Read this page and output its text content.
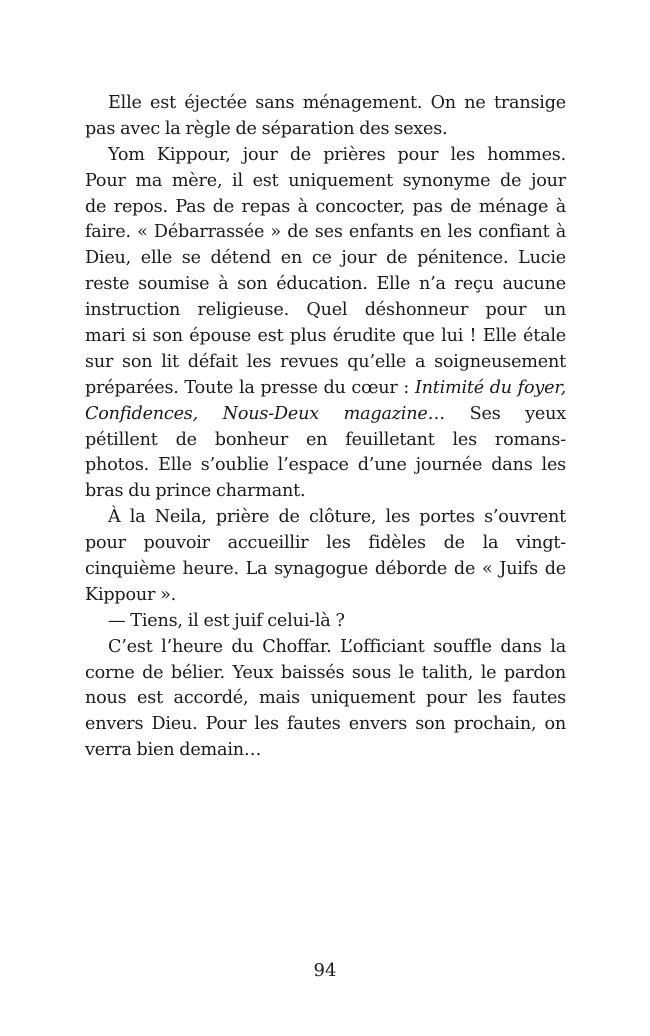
Elle est éjectée sans ménagement. On ne transige
pas avec la règle de séparation des sexes.
Yom Kippour, jour de prières pour les hommes.
Pour ma mère, il est uniquement synonyme de jour
de repos. Pas de repas à concocter, pas de ménage à
faire. « Débarrassée » de ses enfants en les confiant à
Dieu, elle se détend en ce jour de pénitence. Lucie
reste soumise à son éducation. Elle n’a reçu aucune
instruction religieuse. Quel déshonneur pour un
mari si son épouse est plus érudite que lui ! Elle étale
sur son lit défait les revues qu’elle a soigneusement
préparées. Toute la presse du cœur : Intimité du foyer,
Confidences, Nous-Deux magazine… Ses yeux
pétillent de bonheur en feuilletant les romans-
photos. Elle s’oublie l’espace d’une journée dans les
bras du prince charmant.
À la Neila, prière de clôture, les portes s’ouvrent
pour pouvoir accueillir les fidèles de la vingt-
cinquième heure. La synagogue déborde de « Juifs de
Kippour ».
— Tiens, il est juif celui-là ?
C’est l’heure du Choffar. L’officiant souffle dans la
corne de bélier. Yeux baissés sous le talith, le pardon
nous est accordé, mais uniquement pour les fautes
envers Dieu. Pour les fautes envers son prochain, on
verra bien demain…
94
